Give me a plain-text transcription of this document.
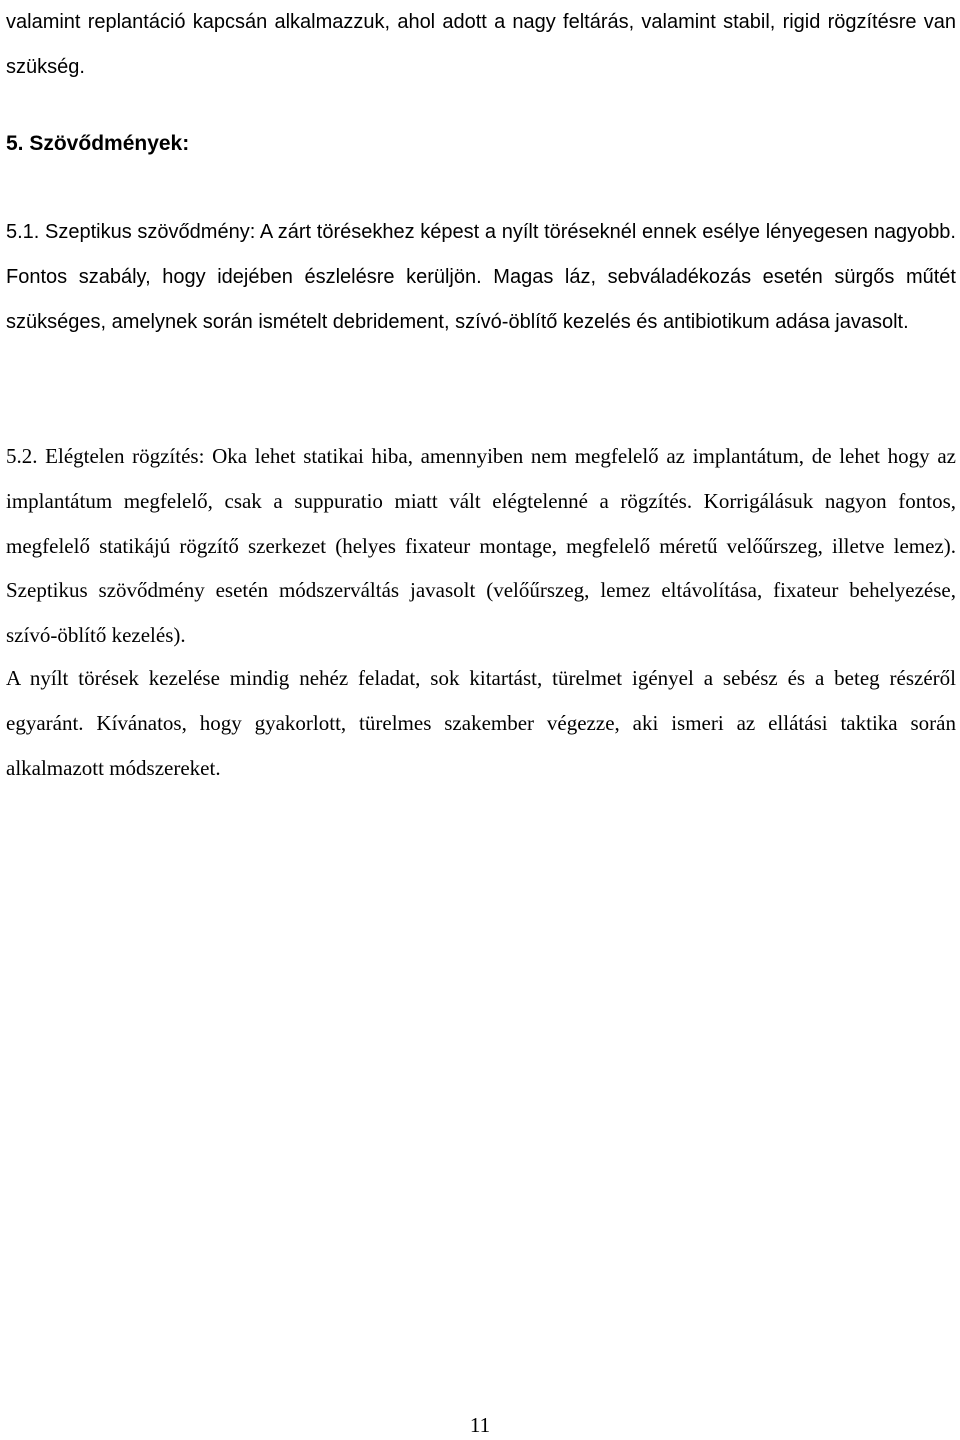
valamint replantáció kapcsán alkalmazzuk, ahol adott a nagy feltárás, valamint stabil, rigid rögzítésre van szükség.

5. Szövődmények:

5.1. Szeptikus szövődmény: A zárt törésekhez képest a nyílt töréseknél ennek esélye lényegesen nagyobb. Fontos szabály, hogy idejében észlelésre kerüljön. Magas láz, sebváladékozás esetén sürgős műtét szükséges, amelynek során ismételt debridement, szívó-öblítő kezelés és antibiotikum adása javasolt.

5.2. Elégtelen rögzítés: Oka lehet statikai hiba, amennyiben nem megfelelő az implantátum, de lehet hogy az implantátum megfelelő, csak a suppuratio miatt vált elégtelenné a rögzítés. Korrigálásuk nagyon fontos, megfelelő statikájú rögzítő szerkezet (helyes fixateur montage, megfelelő méretű velőűrszeg, illetve lemez). Szeptikus szövődmény esetén módszerváltás javasolt (velőűrszeg, lemez eltávolítása, fixateur behelyezése, szívó-öblítő kezelés).

A nyílt törések kezelése mindig nehéz feladat, sok kitartást, türelmet igényel a sebész és a beteg részéről egyaránt. Kívánatos, hogy gyakorlott, türelmes szakember végezze, aki ismeri az ellátási taktika során alkalmazott módszereket.

11
